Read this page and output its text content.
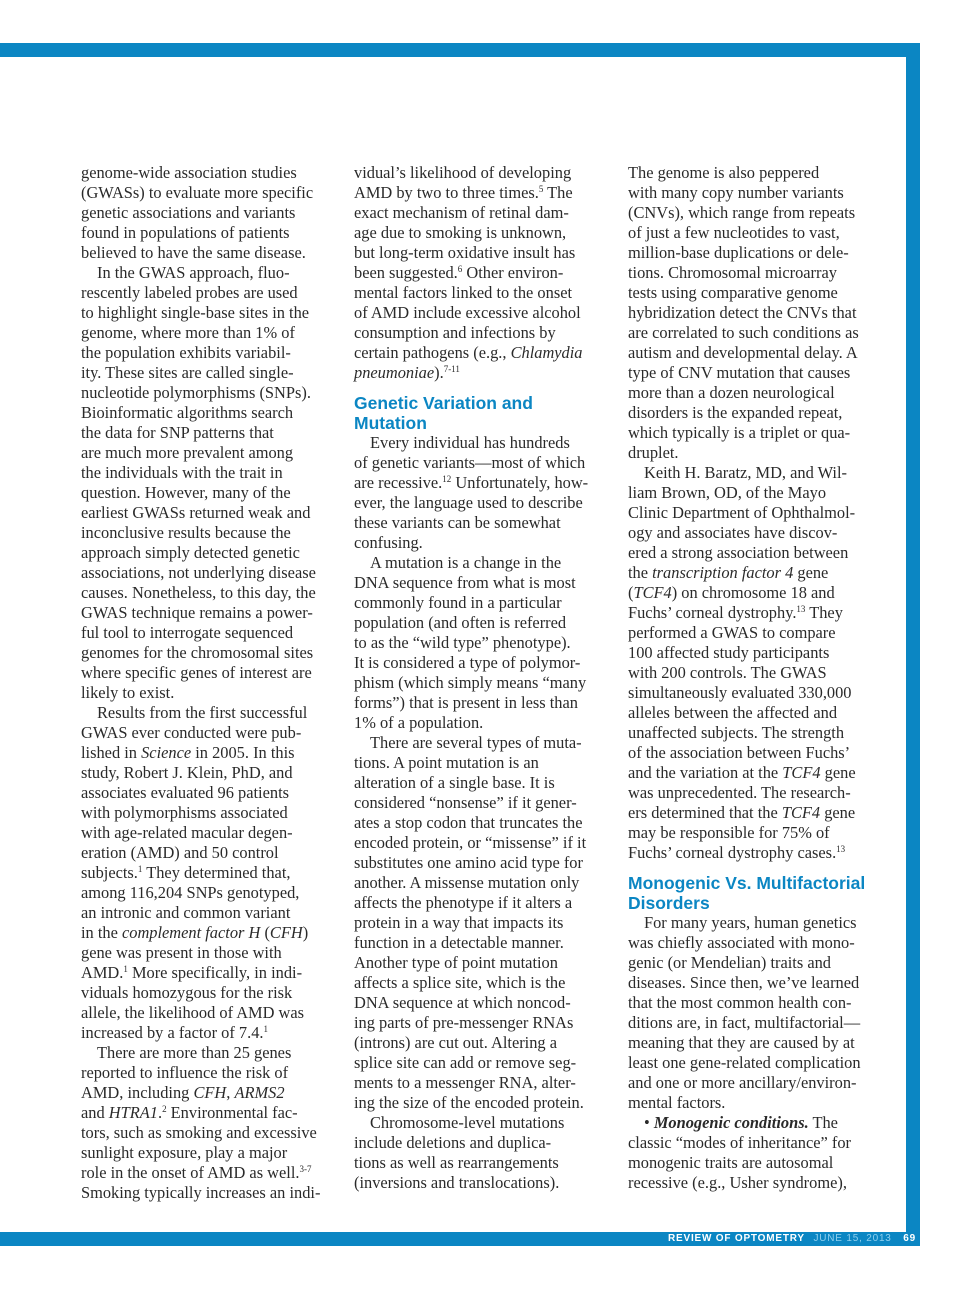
REVIEW OF OPTOMETRY JUNE 15, 2013 69
genome-wide association studies
(GWASs) to evaluate more specific
genetic associations and variants
found in populations of patients
believed to have the same disease.
In the GWAS approach, fluo-
rescently labeled probes are used
to highlight single-base sites in the
genome, where more than 1% of
the population exhibits variabil-
ity. These sites are called single-
nucleotide polymorphisms (SNPs).
Bioinformatic algorithms search
the data for SNP patterns that
are much more prevalent among
the individuals with the trait in
question. However, many of the
earliest GWASs returned weak and
inconclusive results because the
approach simply detected genetic
associations, not underlying disease
causes. Nonetheless, to this day, the
GWAS technique remains a power-
ful tool to interrogate sequenced
genomes for the chromosomal sites
where specific genes of interest are
likely to exist.
Results from the first successful
GWAS ever conducted were pub-
lished in Science in 2005. In this
study, Robert J. Klein, PhD, and
associates evaluated 96 patients
with polymorphisms associated
with age-related macular degen-
eration (AMD) and 50 control
subjects.$^1$ They determined that,
among 116,204 SNPs genotyped,
an intronic and common variant
in the complement factor H (CFH)
gene was present in those with
AMD.$^1$ More specifically, in indi-
viduals homozygous for the risk
allele, the likelihood of AMD was
increased by a factor of 7.4.$^1$
There are more than 25 genes
reported to influence the risk of
AMD, including CFH, ARMS2
and HTRA1.$^2$ Environmental fac-
tors, such as smoking and excessive
sunlight exposure, play a major
role in the onset of AMD as well.$^{3-7}$
Smoking typically increases an indi-
vidual’s likelihood of developing
AMD by two to three times.$^5$ The
exact mechanism of retinal dam-
age due to smoking is unknown,
but long-term oxidative insult has
been suggested.$^6$ Other environ-
mental factors linked to the onset
of AMD include excessive alcohol
consumption and infections by
certain pathogens (e.g., Chlamydia
pneumoniae).$^{7-11}$
Genetic Variation and
Mutation
Every individual has hundreds
of genetic variants—most of which
are recessive.$^{12}$ Unfortunately, how-
ever, the language used to describe
these variants can be somewhat
confusing.
A mutation is a change in the
DNA sequence from what is most
commonly found in a particular
population (and often is referred
to as the “wild type” phenotype).
It is considered a type of polymor-
phism (which simply means “many
forms”) that is present in less than
1% of a population.
There are several types of muta-
tions. A point mutation is an
alteration of a single base. It is
considered “nonsense” if it gener-
ates a stop codon that truncates the
encoded protein, or “missense” if it
substitutes one amino acid type for
another. A missense mutation only
affects the phenotype if it alters a
protein in a way that impacts its
function in a detectable manner.
Another type of point mutation
affects a splice site, which is the
DNA sequence at which noncod-
ing parts of pre-messenger RNAs
(introns) are cut out. Altering a
splice site can add or remove seg-
ments to a messenger RNA, alter-
ing the size of the encoded protein.
Chromosome-level mutations
include deletions and duplica-
tions as well as rearrangements
(inversions and translocations).
The genome is also peppered
with many copy number variants
(CNVs), which range from repeats
of just a few nucleotides to vast,
million-base duplications or dele-
tions. Chromosomal microarray
tests using comparative genome
hybridization detect the CNVs that
are correlated to such conditions as
autism and developmental delay. A
type of CNV mutation that causes
more than a dozen neurological
disorders is the expanded repeat,
which typically is a triplet or qua-
druplet.
Keith H. Baratz, MD, and Wil-
liam Brown, OD, of the Mayo
Clinic Department of Ophthalmol-
ogy and associates have discov-
ered a strong association between
the transcription factor 4 gene
(TCF4) on chromosome 18 and
Fuchs’ corneal dystrophy.$^{13}$ They
performed a GWAS to compare
100 affected study participants
with 200 controls. The GWAS
simultaneously evaluated 330,000
alleles between the affected and
unaffected subjects. The strength
of the association between Fuchs’
and the variation at the TCF4 gene
was unprecedented. The research-
ers determined that the TCF4 gene
may be responsible for 75% of
Fuchs’ corneal dystrophy cases.$^{13}$
Monogenic Vs. Multifactorial
Disorders
For many years, human genetics
was chiefly associated with mono-
genic (or Mendelian) traits and
diseases. Since then, we’ve learned
that the most common health con-
ditions are, in fact, multifactorial—
meaning that they are caused by at
least one gene-related complication
and one or more ancillary/environ-
mental factors.
• Monogenic conditions. The
classic “modes of inheritance” for
monogenic traits are autosomal
recessive (e.g., Usher syndrome),
